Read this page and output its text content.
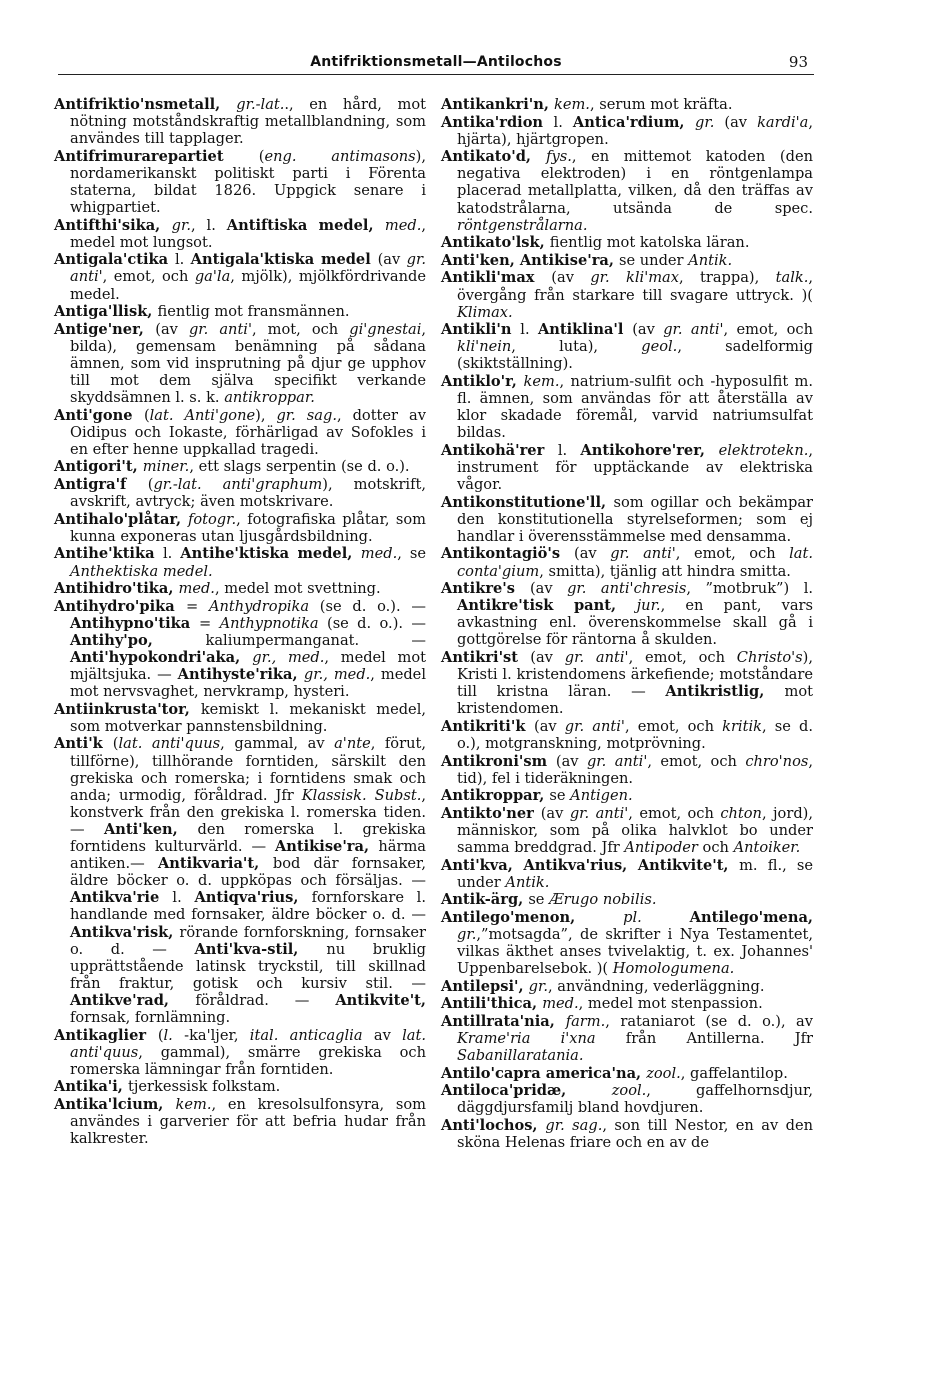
Antifriktionsmetall—Antilochos	93

Antifriktio'nsmetall, gr.-lat.., en hård, mot nötning motståndskraftig metallblandning, som användes till tapplager.

Antifrimurarepartiet (eng. antimasons), nordamerikanskt politiskt parti i Förenta staterna, bildat 1826. Uppgick senare i whigpartiet.

Antifthi'sika, gr., l. Antiftiska medel, med., medel mot lungsot.

Antigala'ctika l. Antigala'ktiska medel (av gr. anti', emot, och ga'la, mjölk), mjölkfördrivande medel.

Antiga'llisk, fientlig mot fransmännen.

Antige'ner, (av gr. anti', mot, och gi'gnestai, bilda), gemensam benämning på sådana ämnen, som vid insprutning på djur ge upphov till mot dem själva specifikt verkande skyddsämnen l. s. k. antikroppar.

Anti'gone (lat. Anti'gone), gr. sag., dotter av Oidipus och Iokaste, förhärligad av Sofokles i en efter henne uppkallad tragedi.

Antigori't, miner., ett slags serpentin (se d. o.).

Antigra'f (gr.-lat. anti'graphum), motskrift, avskrift, avtryck; även motskrivare.

Antihalo'plåtar, fotogr., fotografiska plåtar, som kunna exponeras utan ljusgårdsbildning.

Antihe'ktika l. Antihe'ktiska medel, med., se Anthektiska medel.

Antihidro'tika, med., medel mot svettning.

Antihydro'pika = Anthydropika (se d. o.). — Antihypno'tika = Anthypnotika (se d. o.). — Antihy'po, kaliumpermanganat. — Anti'hypokondri'aka, gr., med., medel mot mjältsjuka. — Antihyste'rika, gr., med., medel mot nervsvaghet, nervkramp, hysteri.

Antiinkrusta'tor, kemiskt l. mekaniskt medel, som motverkar pannstensbildning.

Anti'k (lat. anti'quus, gammal, av a'nte, förut, tillförne), tillhörande forntiden, särskilt den grekiska och romerska; i forntidens smak och anda; urmodig, föråldrad. Jfr Klassisk. Subst., konstverk från den grekiska l. romerska tiden. — Anti'ken, den romerska l. grekiska forntidens kulturvärld. — Antikise'ra, härma antiken.— Antikvaria't, bod där fornsaker, äldre böcker o. d. uppköpas och försäljas. — Antikva'rie l. Antiqva'rius, fornforskare l. handlande med fornsaker, äldre böcker o. d. — Antikva'risk, rörande fornforskning, fornsaker o. d. — Anti'kva-stil, nu bruklig upprättstående latinsk tryckstil, till skillnad från fraktur, gotisk och kursiv stil. — Antikve'rad, föråldrad. — Antikvite't, fornsak, fornlämning.

Antikaglier (l. -ka'ljer, ital. anticaglia av lat. anti'quus, gammal), smärre grekiska och romerska lämningar från forntiden.

Antika'i, tjerkessisk folkstam.

Antika'lcium, kem., en kresolsulfonsyra, som användes i garverier för att befria hudar från kalkrester.

Antikankri'n, kem., serum mot kräfta.

Antika'rdion l. Antica'rdium, gr. (av kardi'a, hjärta), hjärtgropen.

Antikato'd, fys., en mittemot katoden (den negativa elektroden) i en röntgenlampa placerad metallplatta, vilken, då den träffas av katodstrålarna, utsända de spec. röntgenstrålarna.

Antikato'lsk, fientlig mot katolska läran.

Anti'ken, Antikise'ra, se under Antik.

Antikli'max (av gr. kli'max, trappa), talk., övergång från starkare till svagare uttryck. )( Klimax.

Antikli'n l. Antiklina'l (av gr. anti', emot, och kli'nein, luta), geol., sadelformig (skiktställning).

Antiklo'r, kem., natrium-sulfit och -hyposulfit m. fl. ämnen, som användas för att återställa av klor skadade föremål, varvid natriumsulfat bildas.

Antikohä'rer l. Antikohore'rer, elektrotekn., instrument för upptäckande av elektriska vågor.

Antikonstitutione'll, som ogillar och bekämpar den konstitutionella styrelseformen; som ej handlar i överensstämmelse med densamma.

Antikontagiö's (av gr. anti', emot, och lat. conta'gium, smitta), tjänlig att hindra smitta.

Antikre's (av gr. anti'chresis, ”motbruk”) l. Antikre'tisk pant, jur., en pant, vars avkastning enl. överenskommelse skall gå i gottgörelse för räntorna å skulden.

Antikri'st (av gr. anti', emot, och Christo's), Kristi l. kristendomens ärkefiende; motståndare till kristna läran. — Antikristlig, mot kristendomen.

Antikriti'k (av gr. anti', emot, och kritik, se d. o.), motgranskning, motprövning.

Antikroni'sm (av gr. anti', emot, och chro'nos, tid), fel i tideräkningen.

Antikroppar, se Antigen.

Antikto'ner (av gr. anti', emot, och chton, jord), människor, som på olika halvklot bo under samma breddgrad. Jfr Antipoder och Antoiker.

Anti'kva, Antikva'rius, Antikvite't, m. fl., se under Antik.

Antik-ärg, se Ærugo nobilis.

Antilego'menon, pl. Antilego'mena, gr.,”motsagda”, de skrifter i Nya Testamentet, vilkas äkthet anses tvivelaktig, t. ex. Johannes' Uppenbarelsebok. )( Homologumena.

Antilepsi', gr., användning, vederläggning.

Antili'thica, med., medel mot stenpassion.

Antillrata'nia, farm., rataniarot (se d. o.), av Krame'ria i'xna från Antillerna. Jfr Sabanillaratania.

Antilo'capra america'na, zool., gaffelantilop.

Antiloca'pridæ, zool., gaffelhornsdjur, däggdjursfamilj bland hovdjuren.

Anti'lochos, gr. sag., son till Nestor, en av den sköna Helenas friare och en av de
